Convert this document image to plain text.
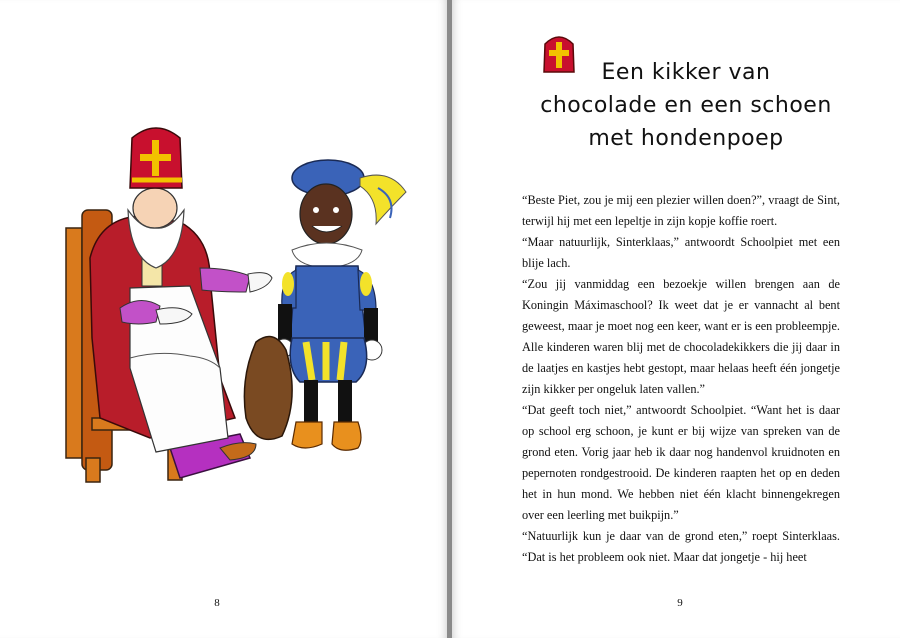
8
Een kikker van
chocolade en een schoen
met hondenpoep

“Beste Piet, zou je mij een plezier willen doen?”, vraagt de Sint, terwijl hij met een lepeltje in zijn kopje koffie roert.

“Maar natuurlijk, Sinterklaas,” antwoordt Schoolpiet met een blije lach.

“Zou jij vanmiddag een bezoekje willen brengen aan de Koningin Máximaschool? Ik weet dat je er vannacht al bent geweest, maar je moet nog een keer, want er is een probleempje. Alle kinderen waren blij met de chocoladekikkers die jij daar in de laatjes en kastjes hebt gestopt, maar helaas heeft één jongetje zijn kikker per ongeluk laten vallen.”

“Dat geeft toch niet,” antwoordt Schoolpiet. “Want het is daar op school erg schoon, je kunt er bij wijze van spreken van de grond eten. Vorig jaar heb ik daar nog handenvol kruidnoten en pepernoten rondgestrooid. De kinderen raapten het op en deden het in hun mond. We hebben niet één klacht binnengekregen over een leerling met buikpijn.”

“Natuurlijk kun je daar van de grond eten,” roept Sinterklaas. “Dat is het probleem ook niet. Maar dat jongetje - hij heet

9
